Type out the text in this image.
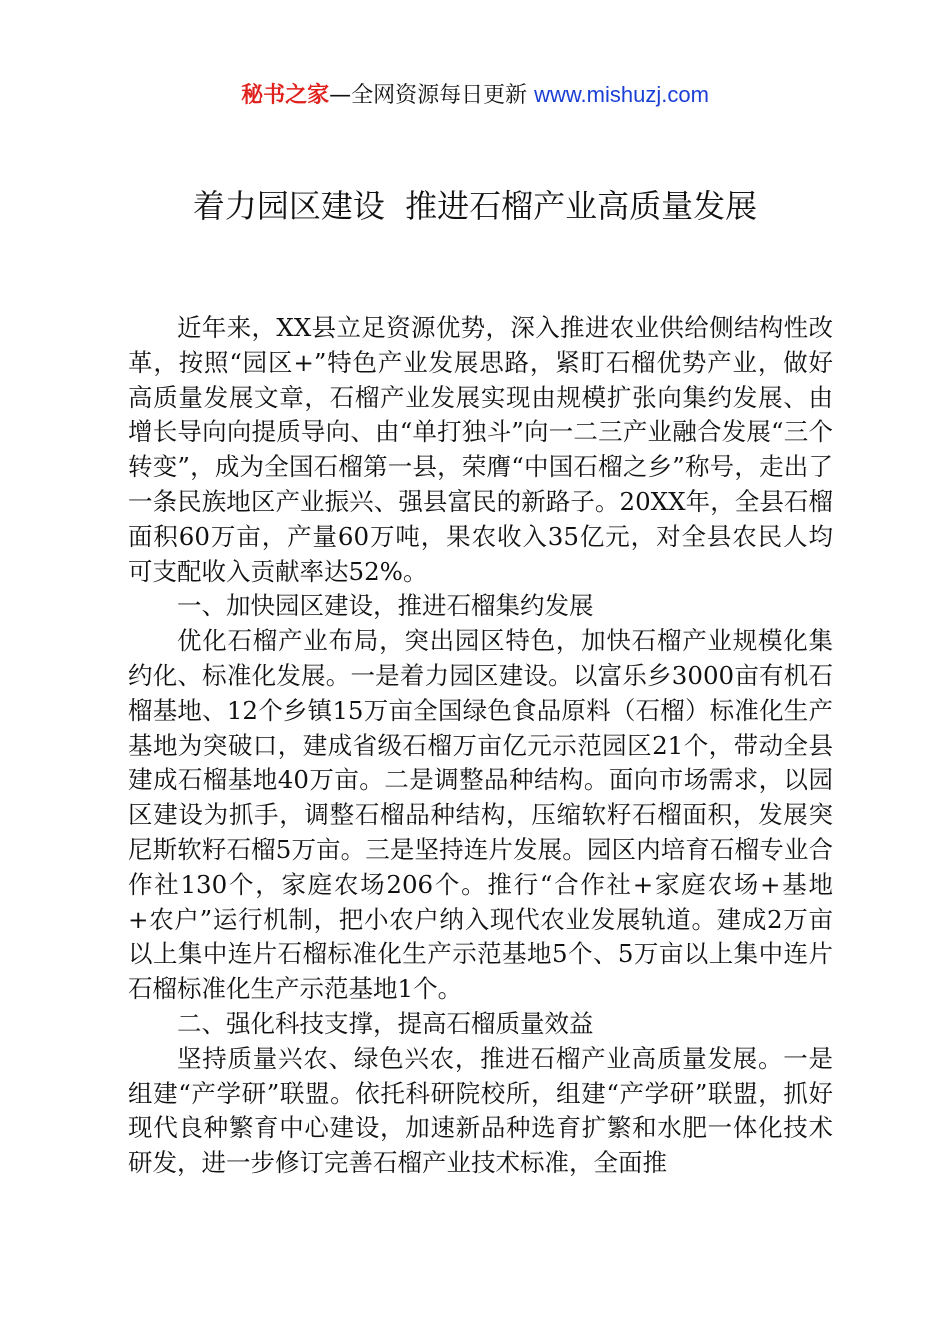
秘书之家—全网资源每日更新 www.mishuzj.com
着力园区建设  推进石榴产业高质量发展

近年来，XX县立足资源优势，深入推进农业供给侧结构性改革，按照“园区+”特色产业发展思路，紧盯石榴优势产业，做好高质量发展文章，石榴产业发展实现由规模扩张向集约发展、由增长导向向提质导向、由“单打独斗”向一二三产业融合发展“三个转变”，成为全国石榴第一县，荣膺“中国石榴之乡”称号，走出了一条民族地区产业振兴、强县富民的新路子。20XX年，全县石榴面积60万亩，产量60万吨，果农收入35亿元，对全县农民人均可支配收入贡献率达52%。

一、加快园区建设，推进石榴集约发展

优化石榴产业布局，突出园区特色，加快石榴产业规模化集约化、标准化发展。一是着力园区建设。以富乐乡3000亩有机石榴基地、12个乡镇15万亩全国绿色食品原料（石榴）标准化生产基地为突破口，建成省级石榴万亩亿元示范园区21个，带动全县建成石榴基地40万亩。二是调整品种结构。面向市场需求，以园区建设为抓手，调整石榴品种结构，压缩软籽石榴面积，发展突尼斯软籽石榴5万亩。三是坚持连片发展。园区内培育石榴专业合作社130个，家庭农场206个。推行“合作社+家庭农场+基地+农户”运行机制，把小农户纳入现代农业发展轨道。建成2万亩以上集中连片石榴标准化生产示范基地5个、5万亩以上集中连片石榴标准化生产示范基地1个。

二、强化科技支撑，提高石榴质量效益

坚持质量兴农、绿色兴农，推进石榴产业高质量发展。一是组建“产学研”联盟。依托科研院校所，组建“产学研”联盟，抓好现代良种繁育中心建设，加速新品种选育扩繁和水肥一体化技术研发，进一步修订完善石榴产业技术标准，全面推
